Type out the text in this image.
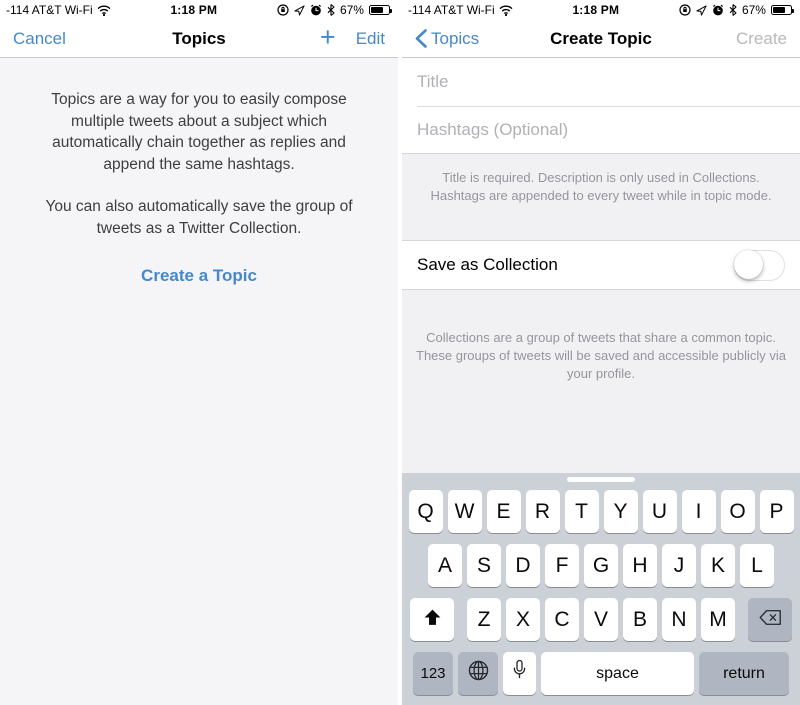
-114 AT&T Wi-Fi	1:18 PM	67%
Cancel	Topics	+ Edit

Topics are a way for you to easily compose multiple tweets about a subject which automatically chain together as replies and append the same hashtags.

You can also automatically save the group of tweets as a Twitter Collection.

Create a Topic
-114 AT&T Wi-Fi	1:18 PM	67%
Topics	Create Topic	Create
Title
Hashtags (Optional)

Title is required. Description is only used in Collections. Hashtags are appended to every tweet while in topic mode.

Save as Collection

Collections are a group of tweets that share a common topic. These groups of tweets will be saved and accessible publicly via your profile.

Q W	E	R	T	Y	U	I	O	P
A	S	D	F	G	H	J	K	L
Z	X	C	V	B	N	M
123	space	return
